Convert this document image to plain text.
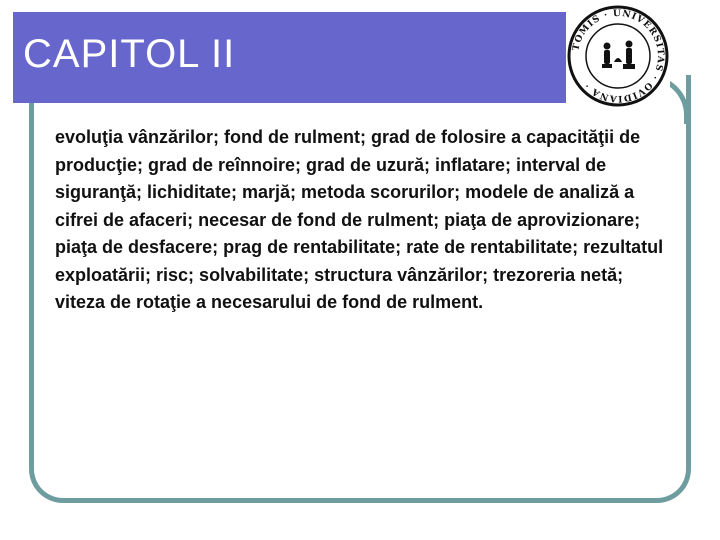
CAPITOL II	TOMIS · UNIVERSITAS · OVIDIANA ·
evoluţia vânzărilor; fond de rulment; grad de folosire a capacităţii de producţie; grad de reînnoire; grad de uzură; inflatare; interval de siguranţă; lichiditate; marjă; metoda scorurilor; modele de analiză a cifrei de afaceri; necesar de fond de rulment; piaţa de aprovizionare; piaţa de desfacere; prag de rentabilitate; rate de rentabilitate; rezultatul exploatării; risc; solvabilitate; structura vânzărilor; trezoreria netă; viteza de rotaţie a necesarului de fond de rulment.
